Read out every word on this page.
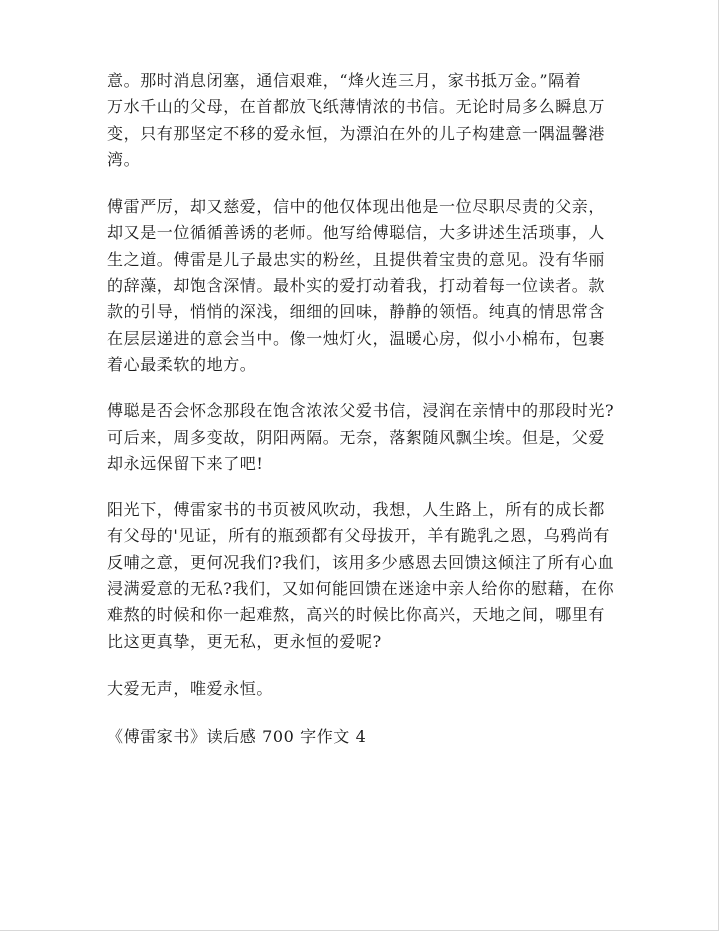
意。那时消息闭塞，通信艰难，“烽火连三月，家书抵万金。”隔着
万水千山的父母，在首都放飞纸薄情浓的书信。无论时局多么瞬息万
变，只有那坚定不移的爱永恒，为漂泊在外的儿子构建意一隅温馨港
湾。

傅雷严厉，却又慈爱，信中的他仅体现出他是一位尽职尽责的父亲，
却又是一位循循善诱的老师。他写给傅聪信，大多讲述生活琐事，人
生之道。傅雷是儿子最忠实的粉丝，且提供着宝贵的意见。没有华丽
的辞藻，却饱含深情。最朴实的爱打动着我，打动着每一位读者。款
款的引导，悄悄的深浅，细细的回味，静静的领悟。纯真的情思常含
在层层递进的意会当中。像一烛灯火，温暖心房，似小小棉布，包裹
着心最柔软的地方。

傅聪是否会怀念那段在饱含浓浓父爱书信，浸润在亲情中的那段时光?
可后来，周多变故，阴阳两隔。无奈，落絮随风飘尘埃。但是，父爱
却永远保留下来了吧!

阳光下，傅雷家书的书页被风吹动，我想，人生路上，所有的成长都
有父母的'见证，所有的瓶颈都有父母拔开，羊有跪乳之恩，乌鸦尚有
反哺之意，更何况我们?我们，该用多少感恩去回馈这倾注了所有心血
浸满爱意的无私?我们，又如何能回馈在迷途中亲人给你的慰藉，在你
难熬的时候和你一起难熬，高兴的时候比你高兴，天地之间，哪里有
比这更真挚，更无私，更永恒的爱呢?

大爱无声，唯爱永恒。

《傅雷家书》读后感 700 字作文 4
